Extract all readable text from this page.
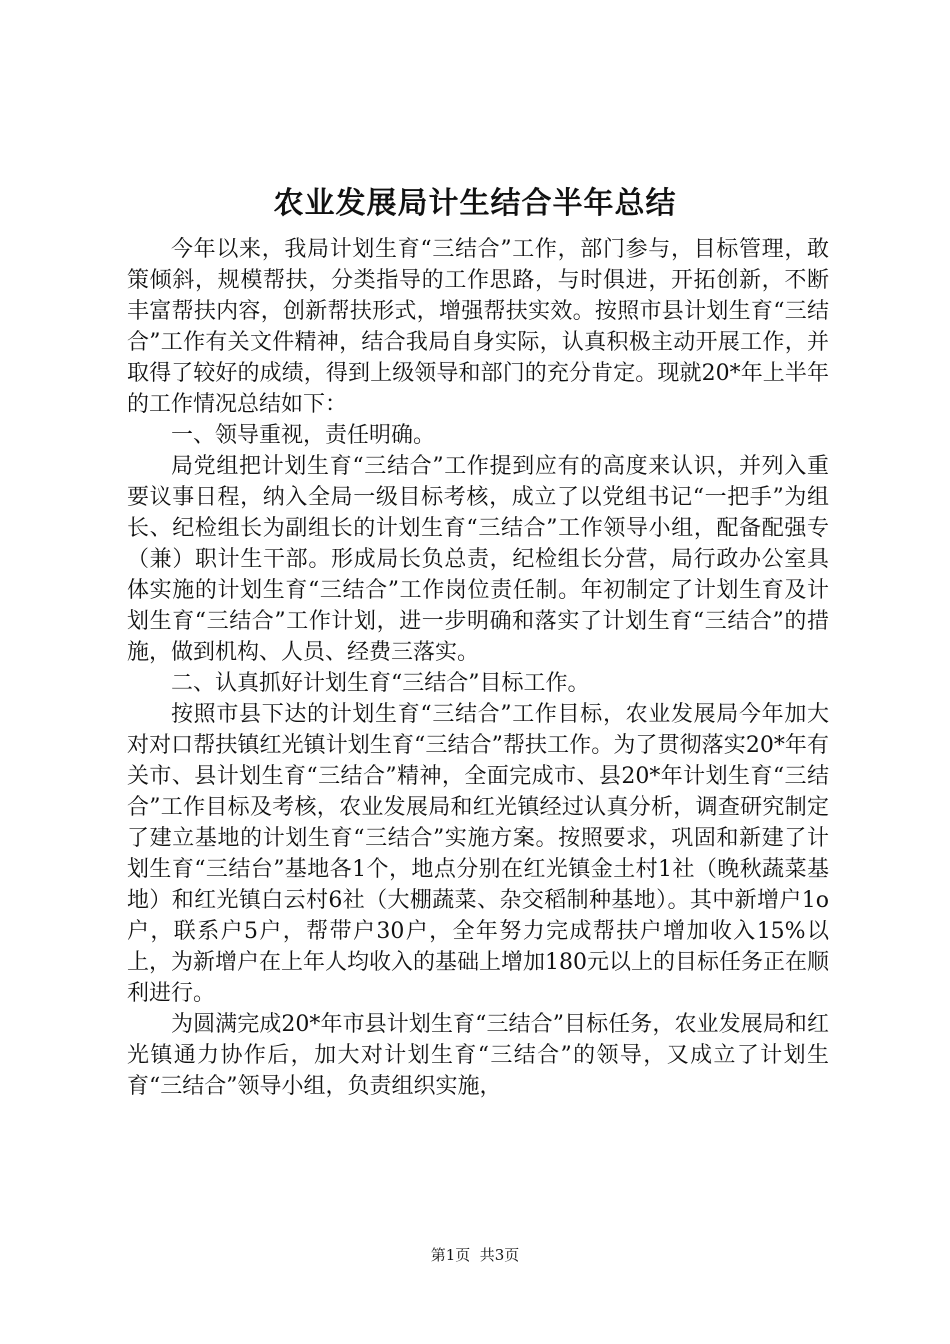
农业发展局计生结合半年总结

今年以来，我局计划生育“三结合”工作，部门参与，目标管理，敢策倾斜，规模帮扶，分类指导的工作思路，与时俱进，开拓创新，不断丰富帮扶内容，创新帮扶形式，增强帮扶实效。按照市县计划生育“三结合”工作有关文件精神，结合我局自身实际，认真积极主动开展工作，并取得了较好的成绩，得到上级领导和部门的充分肯定。现就20*年上半年的工作情况总结如下：

一、领导重视，责任明确。

局党组把计划生育“三结合”工作提到应有的高度来认识，并列入重要议事日程，纳入全局一级目标考核，成立了以党组书记“一把手”为组长、纪检组长为副组长的计划生育“三结合”工作领导小组，配备配强专（兼）职计生干部。形成局长负总责，纪检组长分营，局行政办公室具体实施的计划生育“三结合”工作岗位责任制。年初制定了计划生育及计划生育“三结合”工作计划，进一步明确和落实了计划生育“三结合”的措施，做到机构、人员、经费三落实。

二、认真抓好计划生育“三结合”目标工作。

按照市县下达的计划生育“三结合”工作目标，农业发展局今年加大对对口帮扶镇红光镇计划生育“三结合”帮扶工作。为了贯彻落实20*年有关市、县计划生育“三结合”精神，全面完成市、县20*年计划生育“三结合”工作目标及考核，农业发展局和红光镇经过认真分析，调查研究制定了建立基地的计划生育“三结合”实施方案。按照要求，巩固和新建了计划生育“三结台”基地各1个，地点分别在红光镇金土村1社（晚秋蔬菜基地）和红光镇白云村6社（大棚蔬菜、杂交稻制种基地）。其中新增户1o户，联系户5户，帮带户30户，全年努力完成帮扶户增加收入15%以上，为新增户在上年人均收入的基础上增加180元以上的目标任务正在顺利进行。

为圆满完成20*年市县计划生育“三结合”目标任务，农业发展局和红光镇通力协作后，加大对计划生育“三结合”的领导，又成立了计划生育“三结合”领导小组，负责组织实施，

第1页  共3页
